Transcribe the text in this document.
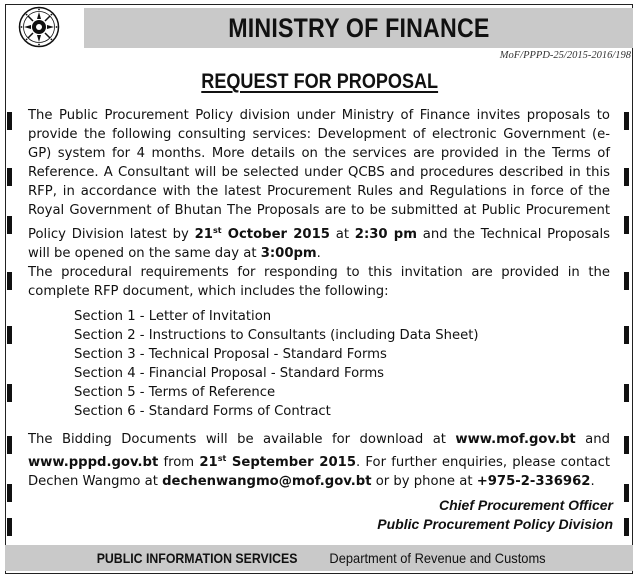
MINISTRY OF FINANCE
MoF/PPPD-25/2015-2016/198
REQUEST FOR PROPOSAL

The Public Procurement Policy division under Ministry of Finance invites proposals to provide the following consulting services: Development of electronic Government (e-GP) system for 4 months. More details on the services are provided in the Terms of Reference. A Consultant will be selected under QCBS and procedures described in this RFP, in accordance with the latest Procurement Rules and Regulations in force of the Royal Government of Bhutan The Proposals are to be submitted at Public Procurement Policy Division latest by 21st October 2015 at 2:30 pm and the Technical Proposals will be opened on the same day at 3:00pm.

The procedural requirements for responding to this invitation are provided in the complete RFP document, which includes the following:

Section 1 - Letter of Invitation
Section 2 - Instructions to Consultants (including Data Sheet)
Section 3 - Technical Proposal - Standard Forms
Section 4 - Financial Proposal - Standard Forms
Section 5 - Terms of Reference
Section 6 - Standard Forms of Contract

The Bidding Documents will be available for download at www.mof.gov.bt and www.pppd.gov.bt from 21st September 2015. For further enquiries, please contact Dechen Wangmo at dechenwangmo@mof.gov.bt or by phone at +975-2-336962.

Chief Procurement Officer
Public Procurement Policy Division
PUBLIC INFORMATION SERVICES Department of Revenue and Customs
